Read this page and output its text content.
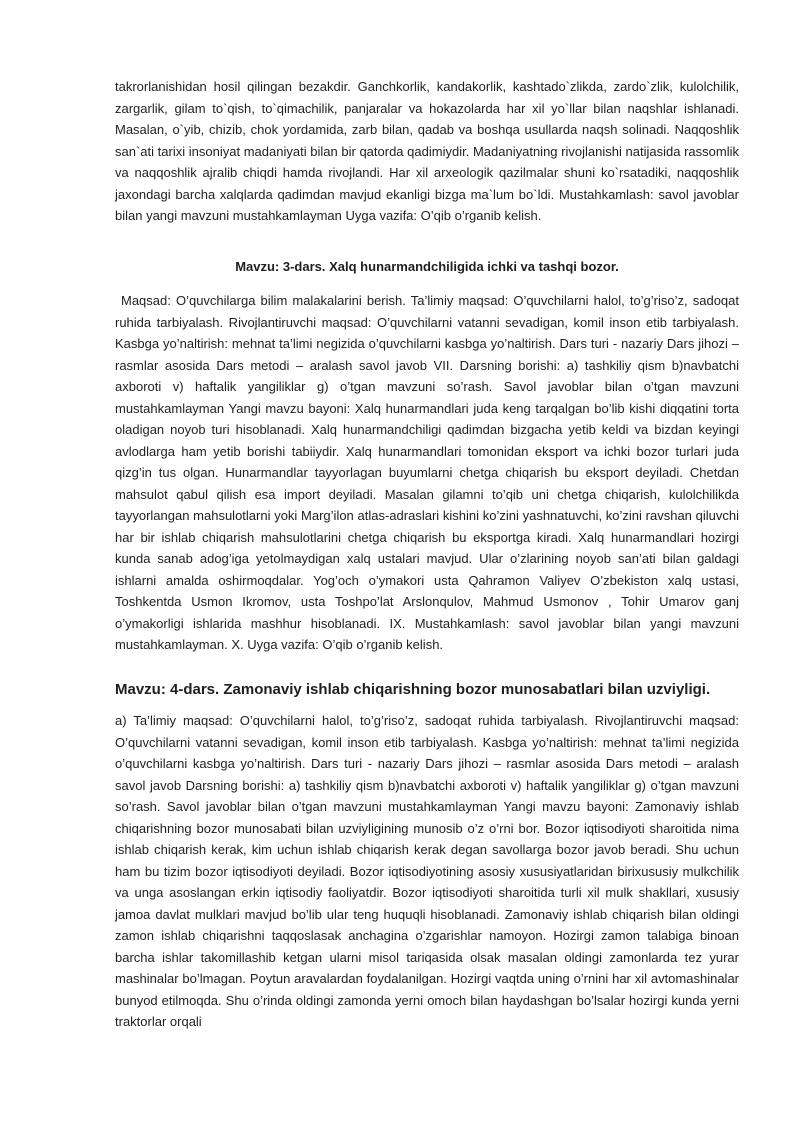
takrorlanishidan hosil qilingan bezakdir. Ganchkorlik, kandakorlik, kashtado`zlikda, zardo`zlik, kulolchilik, zargarlik, gilam to`qish, to`qimachilik, panjaralar va hokazolarda har xil yo`llar bilan naqshlar ishlanadi. Masalan, o`yib, chizib, chok yordamida, zarb bilan, qadab va boshqa usullarda naqsh solinadi. Naqqoshlik san`ati tarixi insoniyat madaniyati bilan bir qatorda qadimiydir. Madaniyatning rivojlanishi natijasida rassomlik va naqqoshlik ajralib chiqdi hamda rivojlandi. Har xil arxeologik qazilmalar shuni ko`rsatadiki, naqqoshlik jaxondagi barcha xalqlarda qadimdan mavjud ekanligi bizga ma`lum bo`ldi. Mustahkamlash: savol javoblar bilan yangi mavzuni mustahkamlayman Uyga vazifa: O’qib o’rganib kelish.

Mavzu: 3-dars. Xalq hunarmandchiligida ichki va tashqi bozor.

Maqsad: O’quvchilarga bilim malakalarini berish. Ta’limiy maqsad: O’quvchilarni halol, to’g’riso’z, sadoqat ruhida tarbiyalash. Rivojlantiruvchi maqsad: O’quvchilarni vatanni sevadigan, komil inson etib tarbiyalash. Kasbga yo’naltirish: mehnat ta’limi negizida o’quvchilarni kasbga yo’naltirish. Dars turi - nazariy Dars jihozi – rasmlar asosida Dars metodi – aralash savol javob VII. Darsning borishi: a) tashkiliy qism b)navbatchi axboroti v) haftalik yangiliklar g) o’tgan mavzuni so’rash. Savol javoblar bilan o’tgan mavzuni mustahkamlayman Yangi mavzu bayoni: Xalq hunarmandlari juda keng tarqalgan bo’lib kishi diqqatini torta oladigan noyob turi hisoblanadi. Xalq hunarmandchiligi qadimdan bizgacha yetib keldi va bizdan keyingi avlodlarga ham yetib borishi tabiiydir. Xalq hunarmandlari tomonidan eksport va ichki bozor turlari juda qizg’in tus olgan. Hunarmandlar tayyorlagan buyumlarni chetga chiqarish bu eksport deyiladi. Chetdan mahsulot qabul qilish esa import deyiladi. Masalan gilamni to’qib uni chetga chiqarish, kulolchilikda tayyorlangan mahsulotlarni yoki Marg’ilon atlas-adraslari kishini ko’zini yashnatuvchi, ko’zini ravshan qiluvchi har bir ishlab chiqarish mahsulotlarini chetga chiqarish bu eksportga kiradi. Xalq hunarmandlari hozirgi kunda sanab adog’iga yetolmaydigan xalq ustalari mavjud. Ular o’zlarining noyob san’ati bilan galdagi ishlarni amalda oshirmoqdalar. Yog’och o’ymakori usta Qahramon Valiyev O’zbekiston xalq ustasi, Toshkentda Usmon Ikromov, usta Toshpo’lat Arslonqulov, Mahmud Usmonov , Tohir Umarov ganj o’ymakorligi ishlarida mashhur hisoblanadi. IX. Mustahkamlash: savol javoblar bilan yangi mavzuni mustahkamlayman. X. Uyga vazifa: O’qib o’rganib kelish.

Mavzu: 4-dars. Zamonaviy ishlab chiqarishning bozor munosabatlari bilan uzviyligi.

a) Ta’limiy maqsad: O’quvchilarni halol, to’g’riso’z, sadoqat ruhida tarbiyalash. Rivojlantiruvchi maqsad: O’quvchilarni vatanni sevadigan, komil inson etib tarbiyalash. Kasbga yo’naltirish: mehnat ta’limi negizida o’quvchilarni kasbga yo’naltirish. Dars turi - nazariy Dars jihozi – rasmlar asosida Dars metodi – aralash savol javob Darsning borishi: a) tashkiliy qism b)navbatchi axboroti v) haftalik yangiliklar g) o’tgan mavzuni so’rash. Savol javoblar bilan o’tgan mavzuni mustahkamlayman Yangi mavzu bayoni: Zamonaviy ishlab chiqarishning bozor munosabati bilan uzviyligining munosib o’z o’rni bor. Bozor iqtisodiyoti sharoitida nima ishlab chiqarish kerak, kim uchun ishlab chiqarish kerak degan savollarga bozor javob beradi. Shu uchun ham bu tizim bozor iqtisodiyoti deyiladi. Bozor iqtisodiyotining asosiy xususiyatlaridan birixususiy mulkchilik va unga asoslangan erkin iqtisodiy faoliyatdir. Bozor iqtisodiyoti sharoitida turli xil mulk shakllari, xususiy jamoa davlat mulklari mavjud bo’lib ular teng huquqli hisoblanadi. Zamonaviy ishlab chiqarish bilan oldingi zamon ishlab chiqarishni taqqoslasak anchagina o’zgarishlar namoyon. Hozirgi zamon talabiga binoan barcha ishlar takomillashib ketgan ularni misol tariqasida olsak masalan oldingi zamonlarda tez yurar mashinalar bo’lmagan. Poytun aravalardan foydalanilgan. Hozirgi vaqtda uning o’rnini har xil avtomashinalar bunyod etilmoqda. Shu o’rinda oldingi zamonda yerni omoch bilan haydashgan bo’lsalar hozirgi kunda yerni traktorlar orqali
